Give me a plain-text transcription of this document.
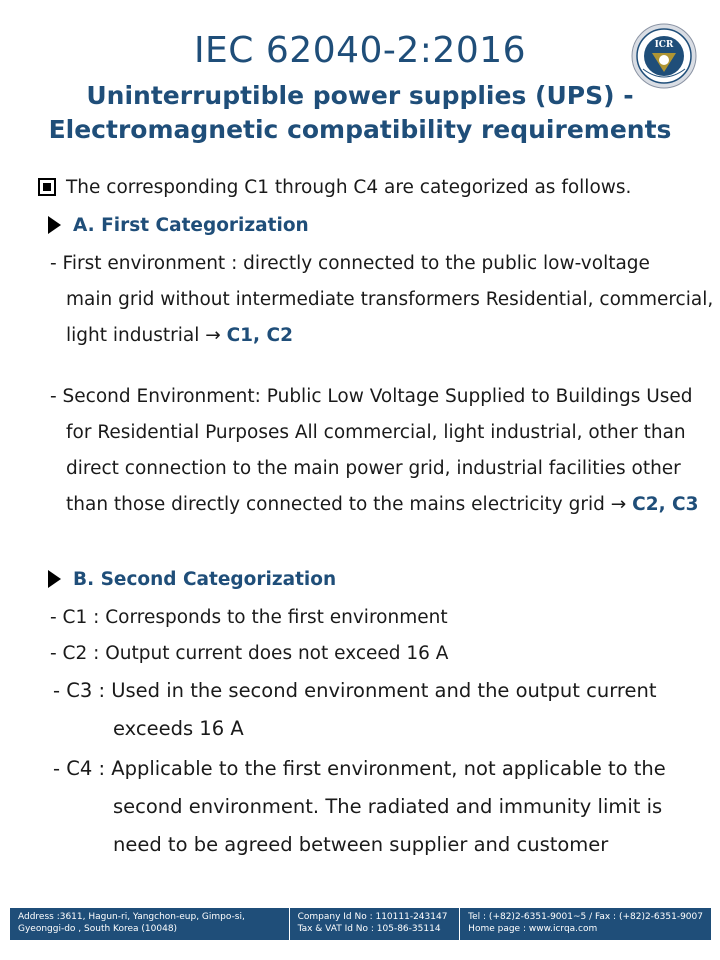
IEC 62040-2:2016
Uninterruptible power supplies (UPS) -
Electromagnetic compatibility requirements
ICR
The corresponding C1 through C4 are categorized as follows.
A. First Categorization
- First environment : directly connected to the public low-voltage
main grid without intermediate transformers Residential, commercial,
light industrial → C1, C2
- Second Environment: Public Low Voltage Supplied to Buildings Used
for Residential Purposes All commercial, light industrial, other than
direct connection to the main power grid, industrial facilities other
than those directly connected to the mains electricity grid → C2, C3
B. Second Categorization
- C1 : Corresponds to the first environment
- C2 : Output current does not exceed 16 A
- C3 : Used in the second environment and the output current
exceeds 16 A
- C4 : Applicable to the first environment, not applicable to the
second environment. The radiated and immunity limit is
need to be agreed between supplier and customer
Address :3611, Hagun-ri, Yangchon-eup, Gimpo-si,
Gyeonggi-do , South Korea (10048)
Company Id No : 110111-243147
Tax & VAT Id No : 105-86-35114
Tel : (+82)2-6351-9001~5 / Fax : (+82)2-6351-9007
Home page : www.icrqa.com
